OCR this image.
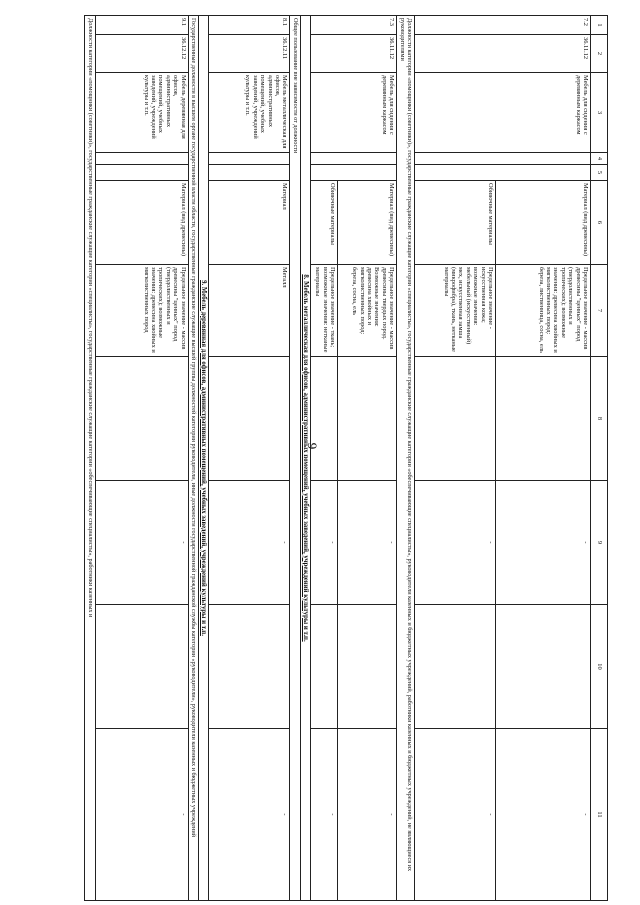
9
1	2	3	4	5	6	7	8	9	10	11
7.2	36.11.12	Мебель для сидения с деревянным каркасом			Материал (вид древесины)	Предельное значение - массив древесины "ценных" пород (твердолиственных и тропических); возможные значения: древесина хвойных и мягколиственных пород: береза, лиственница, сосна, ель		-		-
					Обивочные материалы	Предельное значение - искусственная кожа; возможные значения: мебельный (искусственный) мех, искусственная замша (микрофибра), ткань, нетканые материалы		-		-
Должности категории «помощники (советники)», государственные гражданские служащие категории «специалисты», государственные гражданские служащие категории «обеспечивающие специалисты», руководители казенных и бюджетных учреждений, работники казенных и бюджетных учреждений, не являющиеся их руководителями										
7.3	36.11.12	Мебель для сидения с деревянным каркасом			Материал (вид древесины)	Предельное значение - массив древесины твердых пород. Возможные значения: древесина хвойных и мягколиственных пород: береза, сосна, ель		-		-
					Обивочные материалы	Предельное значение - ткань; возможные значения: нетканые материалы		-		-
8. Мебель металлическая для офисов, административных помещений, учебных заведений, учреждений культуры и т.п.										
Общее пользование вне зависимости от должности										
8.1	36.12.11	Мебель металлическая для офисов, административных помещений, учебных заведений, учреждений культуры и т.п.			Материал	Металл		-		-
9. Мебель деревянная для офисов, административных помещений, учебных заведений, учреждений культуры и т.п.										
Государственные должности в высшем органе государственной власти области, государственные гражданские служащие высшей группы должностей категории руководители, иные должности государственной гражданской службы категории «руководители», руководители казенных и бюджетных учреждений										
9.1	36.12.12	Мебель деревянная для офисов, административных помещений, учебных заведений, учреждений культуры и т.п.			Материал (вид древесины)	Предельное значение - массив древесины "ценных" пород (твердолиственных и тропических); возможные значения: древесина хвойных и мягколиственных пород		-		-
Должности категории «помощники (советники)», государственные гражданские служащие категории «специалисты», государственные гражданские служащие категории «обеспечивающие специалисты», работники казенных и										
